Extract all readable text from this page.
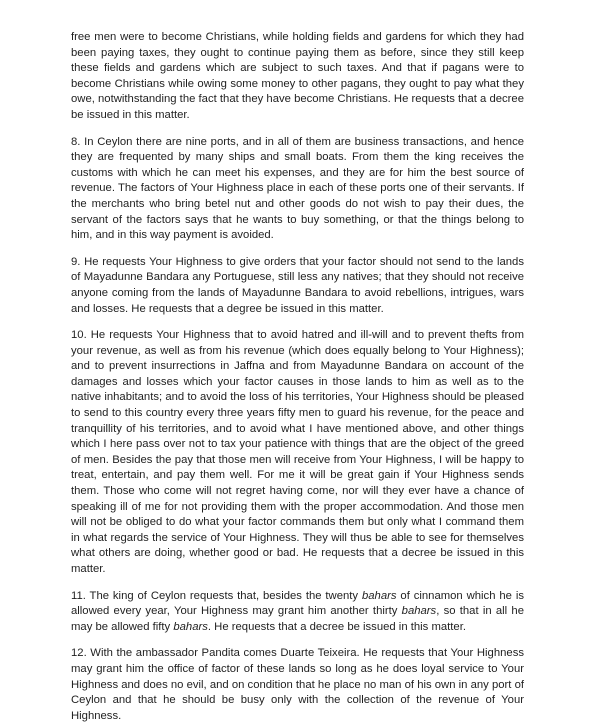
free men were to become Christians, while holding fields and gardens for which they had been paying taxes, they ought to continue paying them as before, since they still keep these fields and gardens which are subject to such taxes. And that if pagans were to become Christians while owing some money to other pagans, they ought to pay what they owe, notwithstanding the fact that they have become Christians. He requests that a decree be issued in this matter.

8. In Ceylon there are nine ports, and in all of them are business transactions, and hence they are frequented by many ships and small boats. From them the king receives the customs with which he can meet his expenses, and they are for him the best source of revenue. The factors of Your Highness place in each of these ports one of their servants. If the merchants who bring betel nut and other goods do not wish to pay their dues, the servant of the factors says that he wants to buy something, or that the things belong to him, and in this way payment is avoided.

9. He requests Your Highness to give orders that your factor should not send to the lands of Mayadunne Bandara any Portuguese, still less any natives; that they should not receive anyone coming from the lands of Mayadunne Bandara to avoid rebellions, intrigues, wars and losses. He requests that a degree be issued in this matter.

10. He requests Your Highness that to avoid hatred and ill-will and to prevent thefts from your revenue, as well as from his revenue (which does equally belong to Your Highness); and to prevent insurrections in Jaffna and from Mayadunne Bandara on account of the damages and losses which your factor causes in those lands to him as well as to the native inhabitants; and to avoid the loss of his territories, Your Highness should be pleased to send to this country every three years fifty men to guard his revenue, for the peace and tranquillity of his territories, and to avoid what I have mentioned above, and other things which I here pass over not to tax your patience with things that are the object of the greed of men. Besides the pay that those men will receive from Your Highness, I will be happy to treat, entertain, and pay them well. For me it will be great gain if Your Highness sends them. Those who come will not regret having come, nor will they ever have a chance of speaking ill of me for not providing them with the proper accommodation. And those men will not be obliged to do what your factor commands them but only what I command them in what regards the service of Your Highness. They will thus be able to see for themselves what others are doing, whether good or bad. He requests that a decree be issued in this matter.

11. The king of Ceylon requests that, besides the twenty bahars of cinnamon which he is allowed every year, Your Highness may grant him another thirty bahars, so that in all he may be allowed fifty bahars. He requests that a decree be issued in this matter.

12. With the ambassador Pandita comes Duarte Teixeira. He requests that Your Highness may grant him the office of factor of these lands so long as he does loyal service to Your Highness and does no evil, and on condition that he place no man of his own in any port of Ceylon and that he should be busy only with the collection of the revenue of Your Highness.
